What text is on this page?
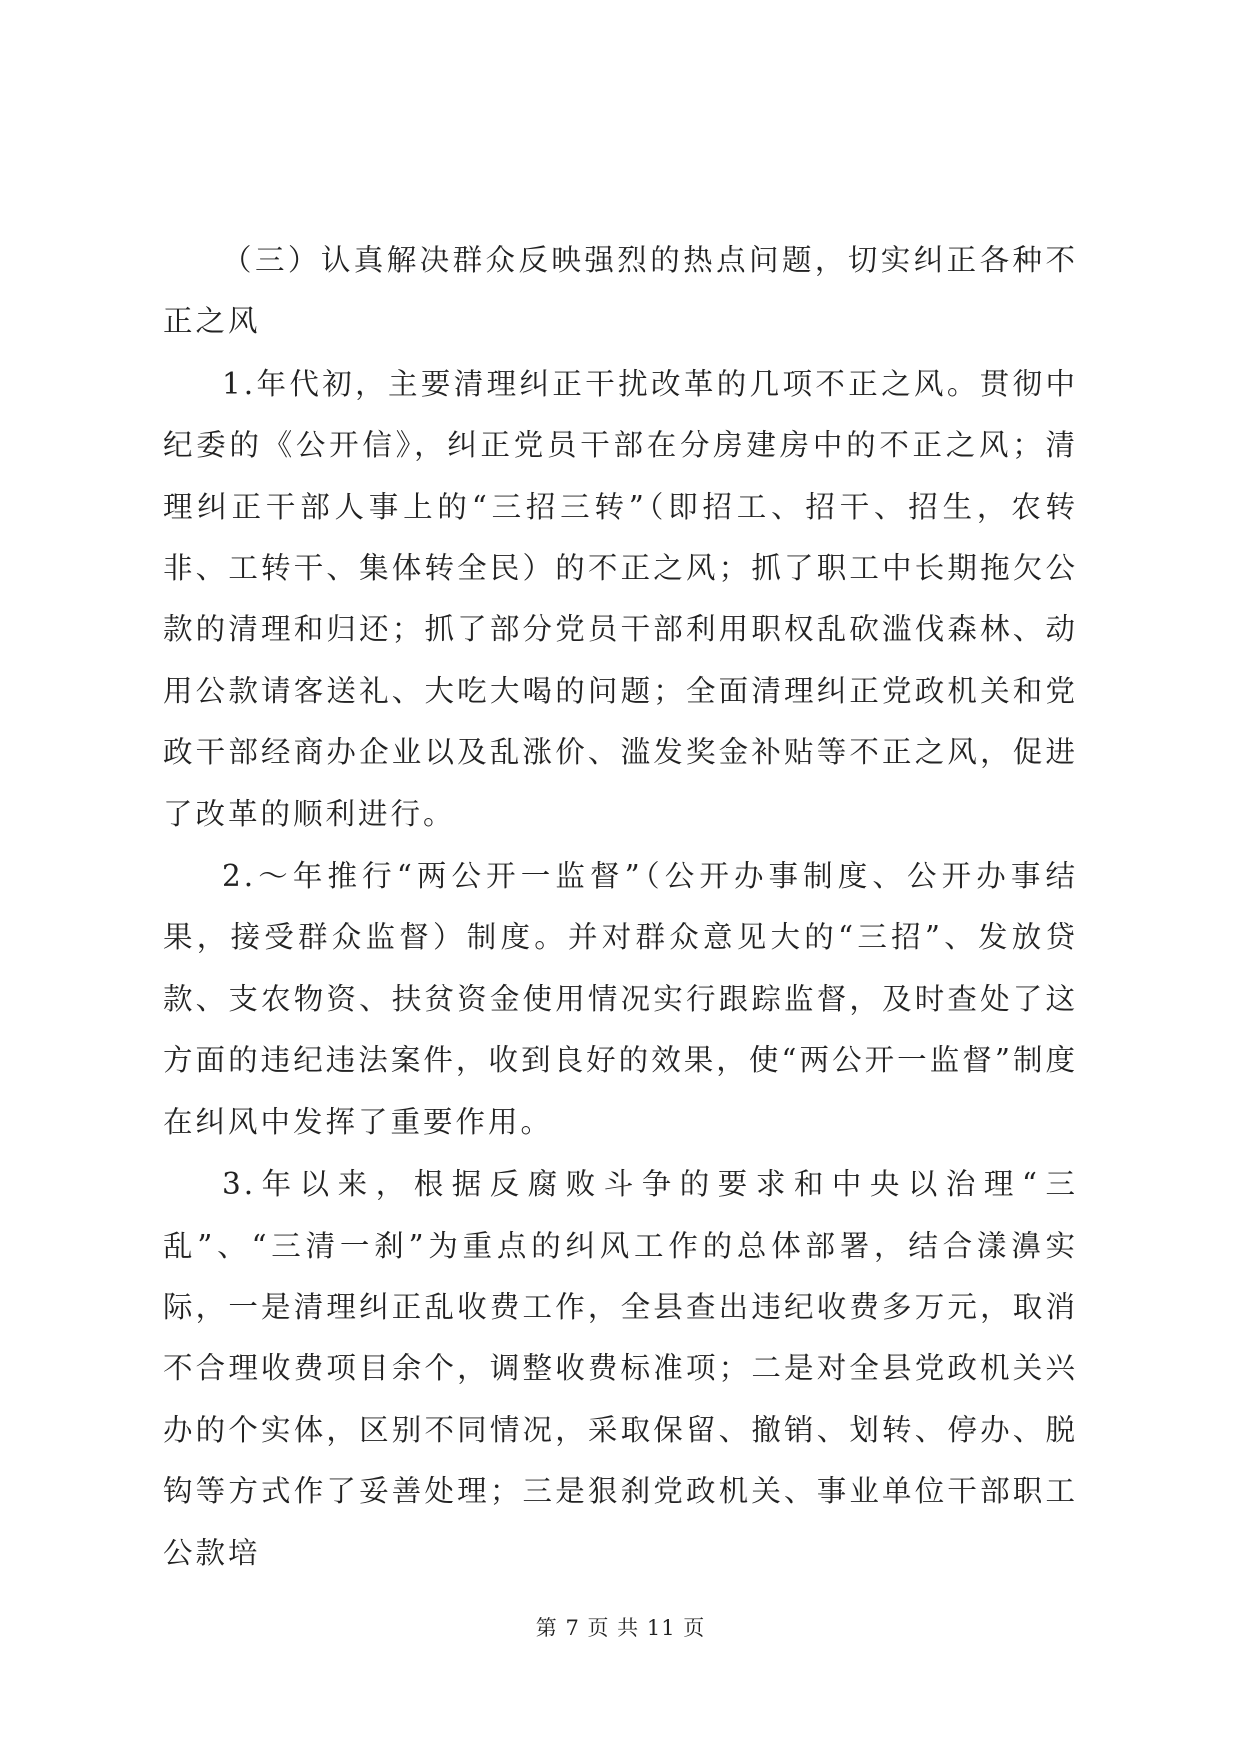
（三）认真解决群众反映强烈的热点问题，切实纠正各种不正之风

1.年代初，主要清理纠正干扰改革的几项不正之风。贯彻中纪委的《公开信》，纠正党员干部在分房建房中的不正之风；清理纠正干部人事上的“三招三转”（即招工、招干、招生，农转非、工转干、集体转全民）的不正之风；抓了职工中长期拖欠公款的清理和归还；抓了部分党员干部利用职权乱砍滥伐森林、动用公款请客送礼、大吃大喝的问题；全面清理纠正党政机关和党政干部经商办企业以及乱涨价、滥发奖金补贴等不正之风，促进了改革的顺利进行。

2.～年推行“两公开一监督”（公开办事制度、公开办事结果，接受群众监督）制度。并对群众意见大的“三招”、发放贷款、支农物资、扶贫资金使用情况实行跟踪监督，及时查处了这方面的违纪违法案件，收到良好的效果，使“两公开一监督”制度在纠风中发挥了重要作用。

3.年以来，根据反腐败斗争的要求和中央以治理“三乱”、“三清一刹”为重点的纠风工作的总体部署，结合漾濞实际，一是清理纠正乱收费工作，全县查出违纪收费多万元，取消不合理收费项目余个，调整收费标准项；二是对全县党政机关兴办的个实体，区别不同情况，采取保留、撤销、划转、停办、脱钩等方式作了妥善处理；三是狠刹党政机关、事业单位干部职工公款培

第 7 页 共 11 页
